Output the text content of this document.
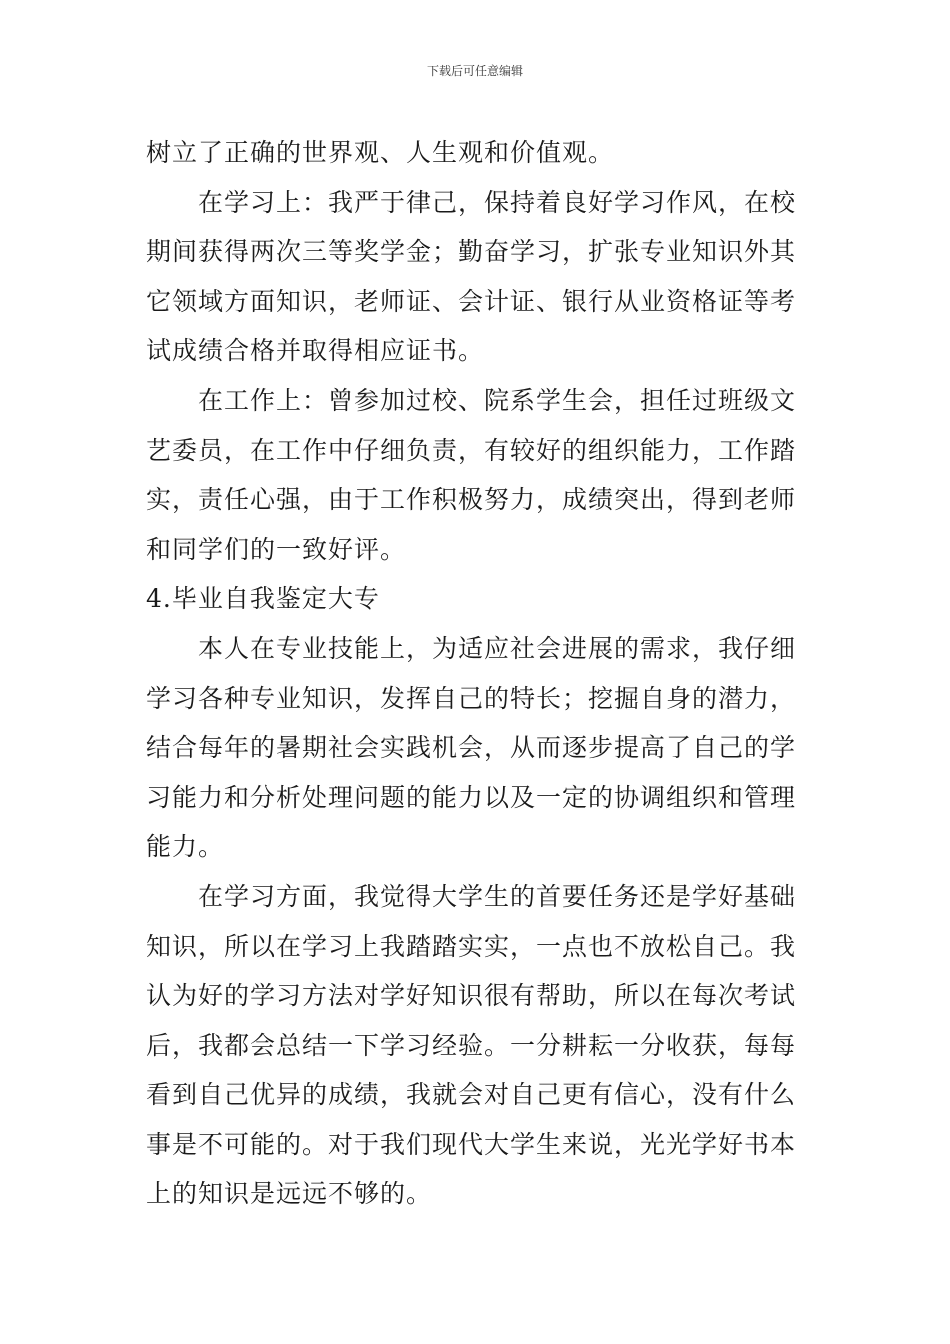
下载后可任意编辑

树立了正确的世界观、人生观和价值观。

在学习上：我严于律己，保持着良好学习作风，在校期间获得两次三等奖学金；勤奋学习，扩张专业知识外其它领域方面知识，老师证、会计证、银行从业资格证等考试成绩合格并取得相应证书。

在工作上：曾参加过校、院系学生会，担任过班级文艺委员，在工作中仔细负责，有较好的组织能力，工作踏实，责任心强，由于工作积极努力，成绩突出，得到老师和同学们的一致好评。

4.毕业自我鉴定大专

本人在专业技能上，为适应社会进展的需求，我仔细学习各种专业知识，发挥自己的特长；挖掘自身的潜力，结合每年的暑期社会实践机会，从而逐步提高了自己的学习能力和分析处理问题的能力以及一定的协调组织和管理能力。

在学习方面，我觉得大学生的首要任务还是学好基础知识，所以在学习上我踏踏实实，一点也不放松自己。我认为好的学习方法对学好知识很有帮助，所以在每次考试后，我都会总结一下学习经验。一分耕耘一分收获，每每看到自己优异的成绩，我就会对自己更有信心，没有什么事是不可能的。对于我们现代大学生来说，光光学好书本上的知识是远远不够的。
